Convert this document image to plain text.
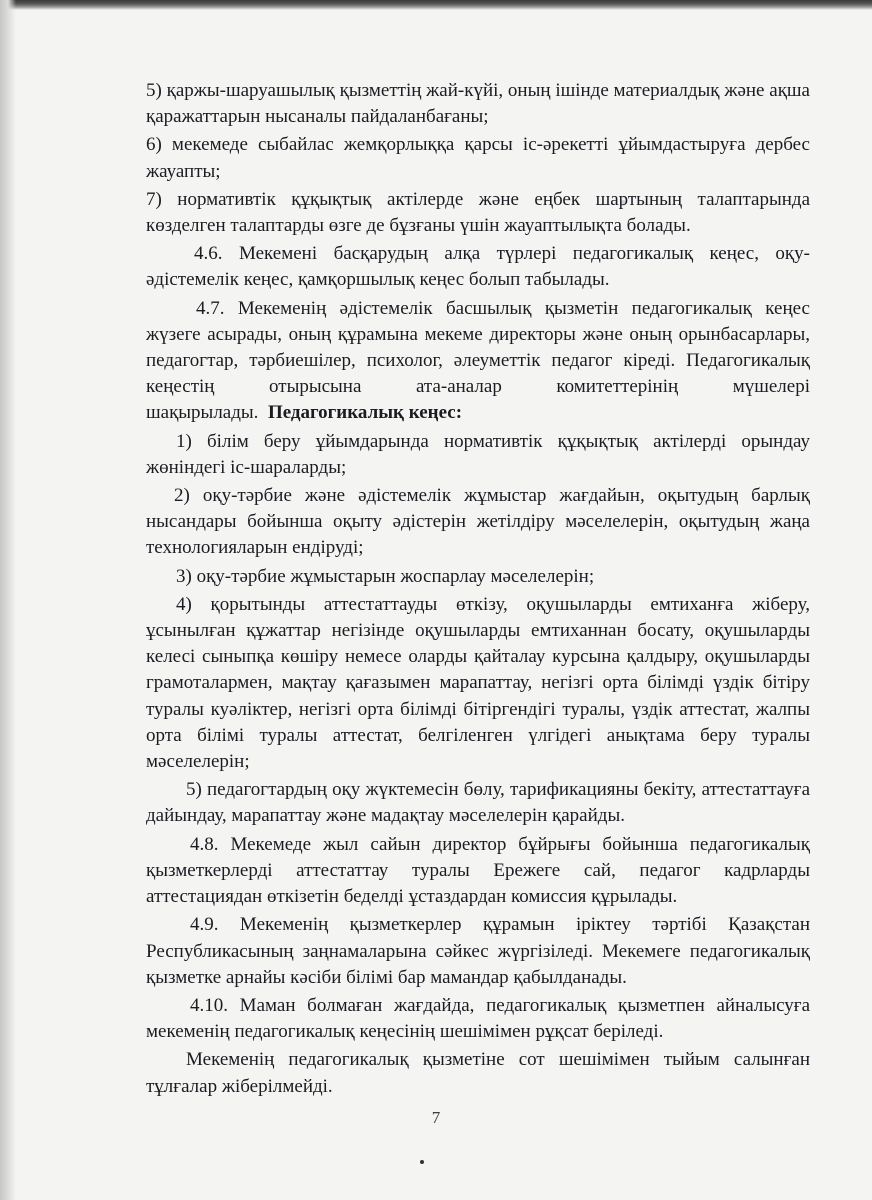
5) қаржы-шаруашылық қызметтің жай-күйі, оның ішінде материалдық және ақша қаражаттарын нысаналы пайдаланбағаны;

6) мекемеде сыбайлас жемқорлыққа қарсы іс-әрекетті ұйымдастыруға дербес жауапты;

7) нормативтік құқықтық актілерде және еңбек шартының талаптарында көзделген талаптарды өзге де бұзғаны үшін жауаптылықта болады.

4.6. Мекемені басқарудың алқа түрлері педагогикалық кеңес, оқу-әдістемелік кеңес, қамқоршылық кеңес болып табылады.

4.7. Мекеменің әдістемелік басшылық қызметін педагогикалық кеңес жүзеге асырады, оның құрамына мекеме директоры және оның орынбасарлары, педагогтар, тәрбиешілер, психолог, әлеуметтік педагог кіреді. Педагогикалық кеңестің отырысына ата-аналар комитеттерінің мүшелері шақырылады. Педагогикалық кеңес:

1) білім беру ұйымдарында нормативтік құқықтық актілерді орындау жөніндегі іс-шараларды;

2) оқу-тәрбие және әдістемелік жұмыстар жағдайын, оқытудың барлық нысандары бойынша оқыту әдістерін жетілдіру мәселелерін, оқытудың жаңа технологияларын ендіруді;

3) оқу-тәрбие жұмыстарын жоспарлау мәселелерін;

4) қорытынды аттестаттауды өткізу, оқушыларды емтиханға жіберу, ұсынылған құжаттар негізінде оқушыларды емтиханнан босату, оқушыларды келесі сыныпқа көшіру немесе оларды қайталау курсына қалдыру, оқушыларды грамоталармен, мақтау қағазымен марапаттау, негізгі орта білімді үздік бітіру туралы куәліктер, негізгі орта білімді бітіргендігі туралы, үздік аттестат, жалпы орта білімі туралы аттестат, белгіленген үлгідегі анықтама беру туралы мәселелерін;

5) педагогтардың оқу жүктемесін бөлу, тарификацияны бекіту, аттестаттауға дайындау, марапаттау және мадақтау мәселелерін қарайды.

4.8. Мекемеде жыл сайын директор бұйрығы бойынша педагогикалық қызметкерлерді аттестаттау туралы Ережеге сай, педагог кадрларды аттестациядан өткізетін беделді ұстаздардан комиссия құрылады.

4.9. Мекеменің қызметкерлер құрамын іріктеу тәртібі Қазақстан Республикасының заңнамаларына сәйкес жүргізіледі. Мекемеге педагогикалық қызметке арнайы кәсіби білімі бар мамандар қабылданады.

4.10. Маман болмаған жағдайда, педагогикалық қызметпен айналысуға мекеменің педагогикалық кеңесінің шешімімен рұқсат беріледі.

Мекеменің педагогикалық қызметіне сот шешімімен тыйым салынған тұлғалар жіберілмейді.

7
